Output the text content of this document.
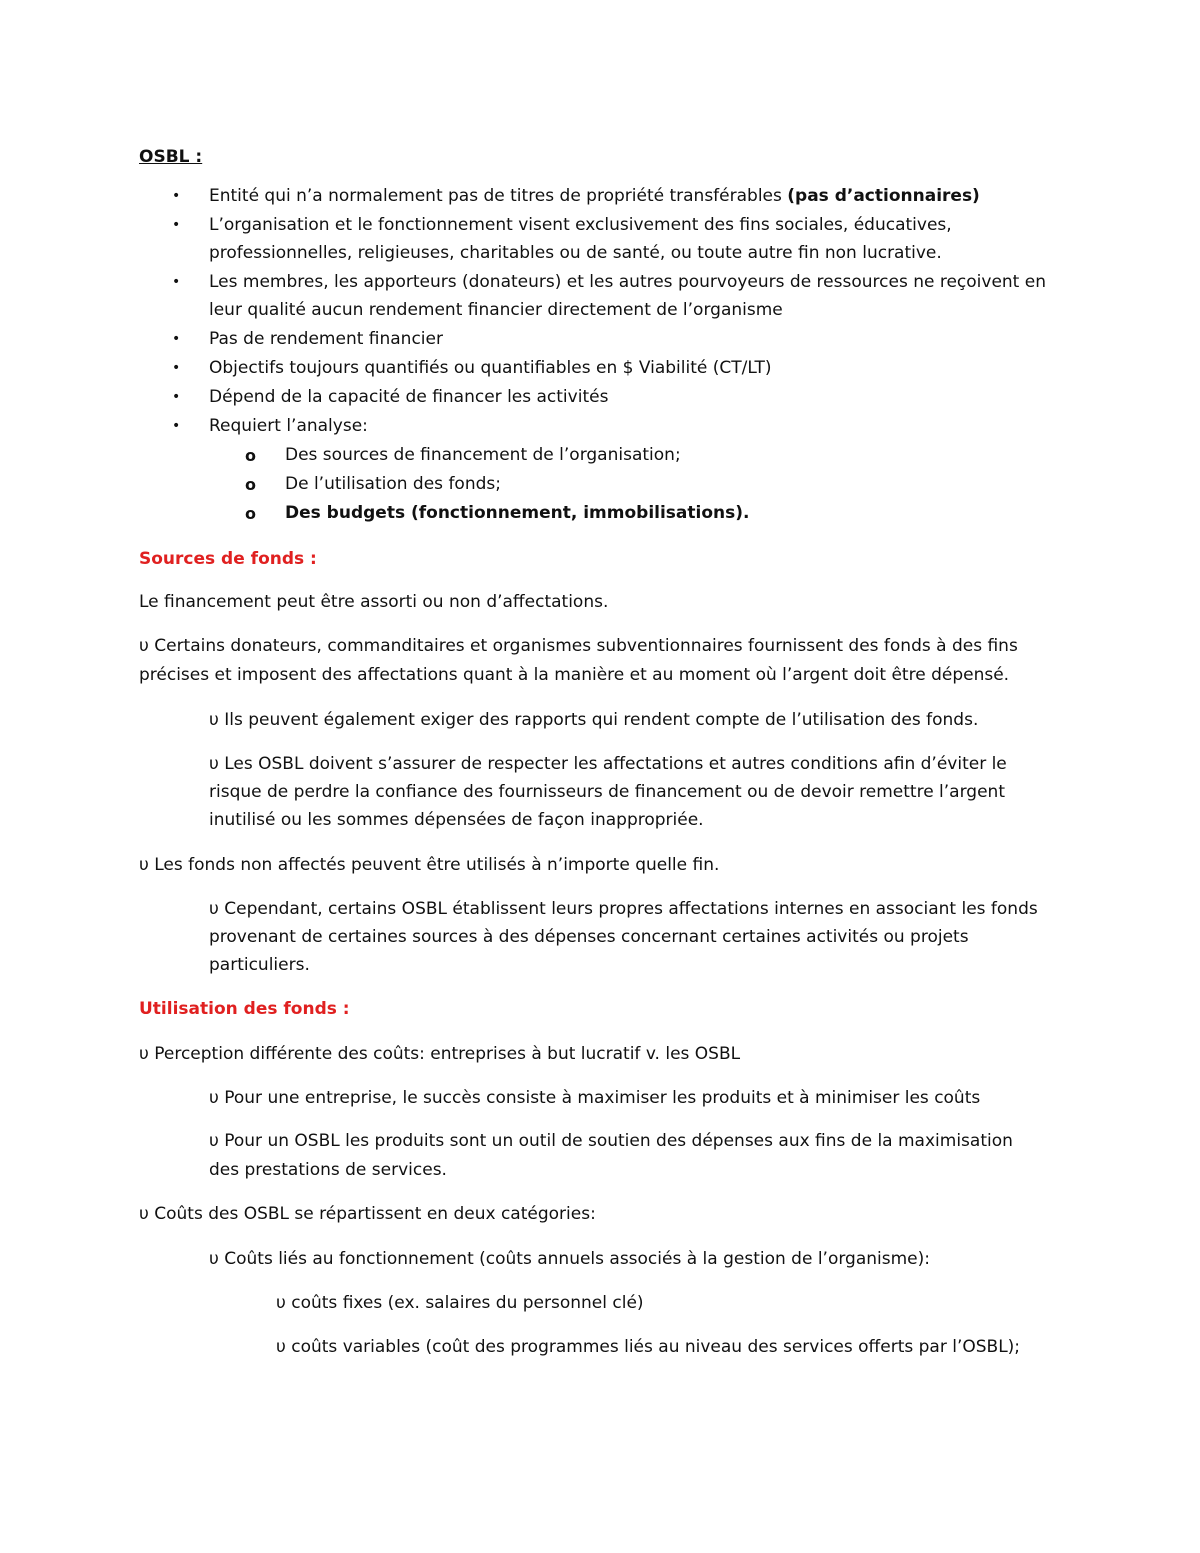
OSBL :
• Entité qui n’a normalement pas de titres de propriété transférables (pas d’actionnaires)
• L’organisation et le fonctionnement visent exclusivement des fins sociales, éducatives,
professionnelles, religieuses, charitables ou de santé, ou toute autre fin non lucrative.
• Les membres, les apporteurs (donateurs) et les autres pourvoyeurs de ressources ne reçoivent en
leur qualité aucun rendement financier directement de l’organisme
• Pas de rendement financier
• Objectifs toujours quantifiés ou quantifiables en $ Viabilité (CT/LT)
• Dépend de la capacité de financer les activités
• Requiert l’analyse:
o Des sources de financement de l’organisation;
o De l’utilisation des fonds;
o Des budgets (fonctionnement, immobilisations).
Sources de fonds :
Le financement peut être assorti ou non d’affectations.
υ Certains donateurs, commanditaires et organismes subventionnaires fournissent des fonds à des fins
précises et imposent des affectations quant à la manière et au moment où l’argent doit être dépensé.
υ Ils peuvent également exiger des rapports qui rendent compte de l’utilisation des fonds.
υ Les OSBL doivent s’assurer de respecter les affectations et autres conditions afin d’éviter le
risque de perdre la confiance des fournisseurs de financement ou de devoir remettre l’argent
inutilisé ou les sommes dépensées de façon inappropriée.
υ Les fonds non affectés peuvent être utilisés à n’importe quelle fin.
υ Cependant, certains OSBL établissent leurs propres affectations internes en associant les fonds
provenant de certaines sources à des dépenses concernant certaines activités ou projets
particuliers.
Utilisation des fonds :
υ Perception différente des coûts: entreprises à but lucratif v. les OSBL
υ Pour une entreprise, le succès consiste à maximiser les produits et à minimiser les coûts
υ Pour un OSBL les produits sont un outil de soutien des dépenses aux fins de la maximisation
des prestations de services.
υ Coûts des OSBL se répartissent en deux catégories:
υ Coûts liés au fonctionnement (coûts annuels associés à la gestion de l’organisme):
υ coûts fixes (ex. salaires du personnel clé)
υ coûts variables (coût des programmes liés au niveau des services offerts par l’OSBL);
